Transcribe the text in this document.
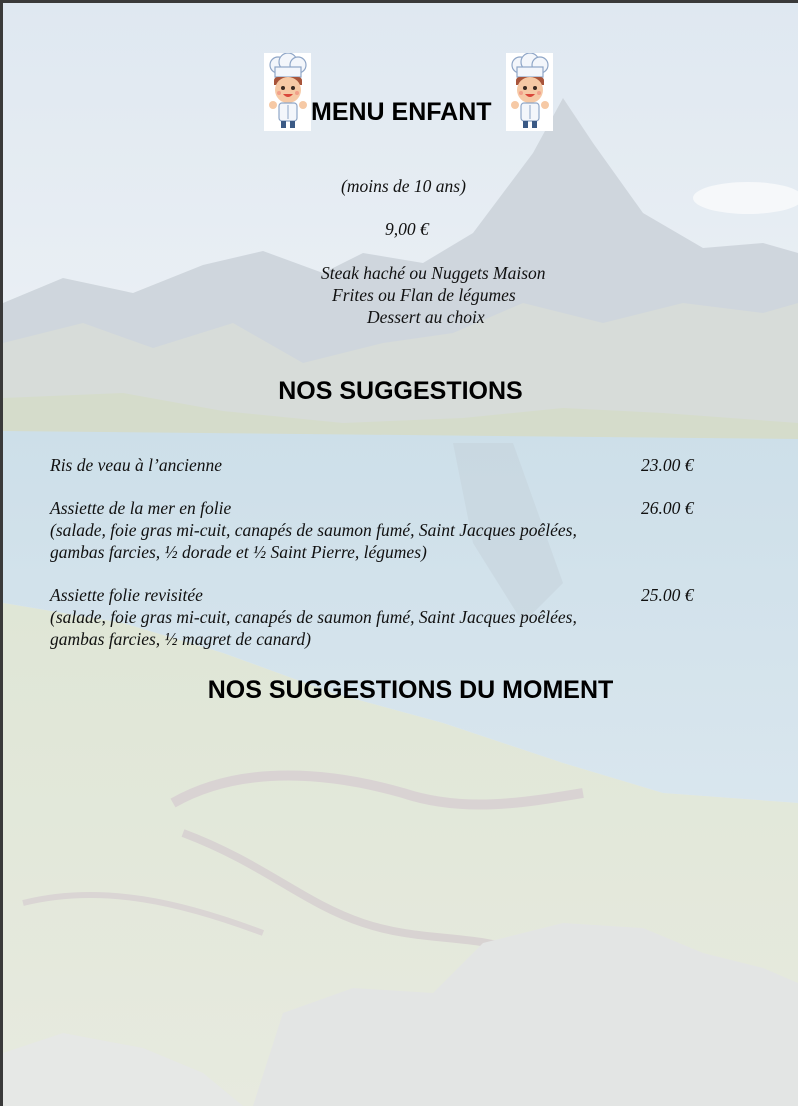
MENU ENFANT
(moins de 10 ans)
9,00 €
Steak haché ou Nuggets Maison
Frites ou Flan de légumes
Dessert au choix
NOS SUGGESTIONS
Ris de veau à l’ancienne	23.00 €
Assiette de la mer en folie	26.00 €
(salade, foie gras mi-cuit, canapés de saumon fumé, Saint Jacques poêlées,
gambas farcies, ½ dorade et ½ Saint Pierre, légumes)
Assiette folie revisitée	25.00 €
(salade, foie gras mi-cuit, canapés de saumon fumé, Saint Jacques poêlées,
gambas farcies, ½ magret de canard)
NOS SUGGESTIONS DU MOMENT
